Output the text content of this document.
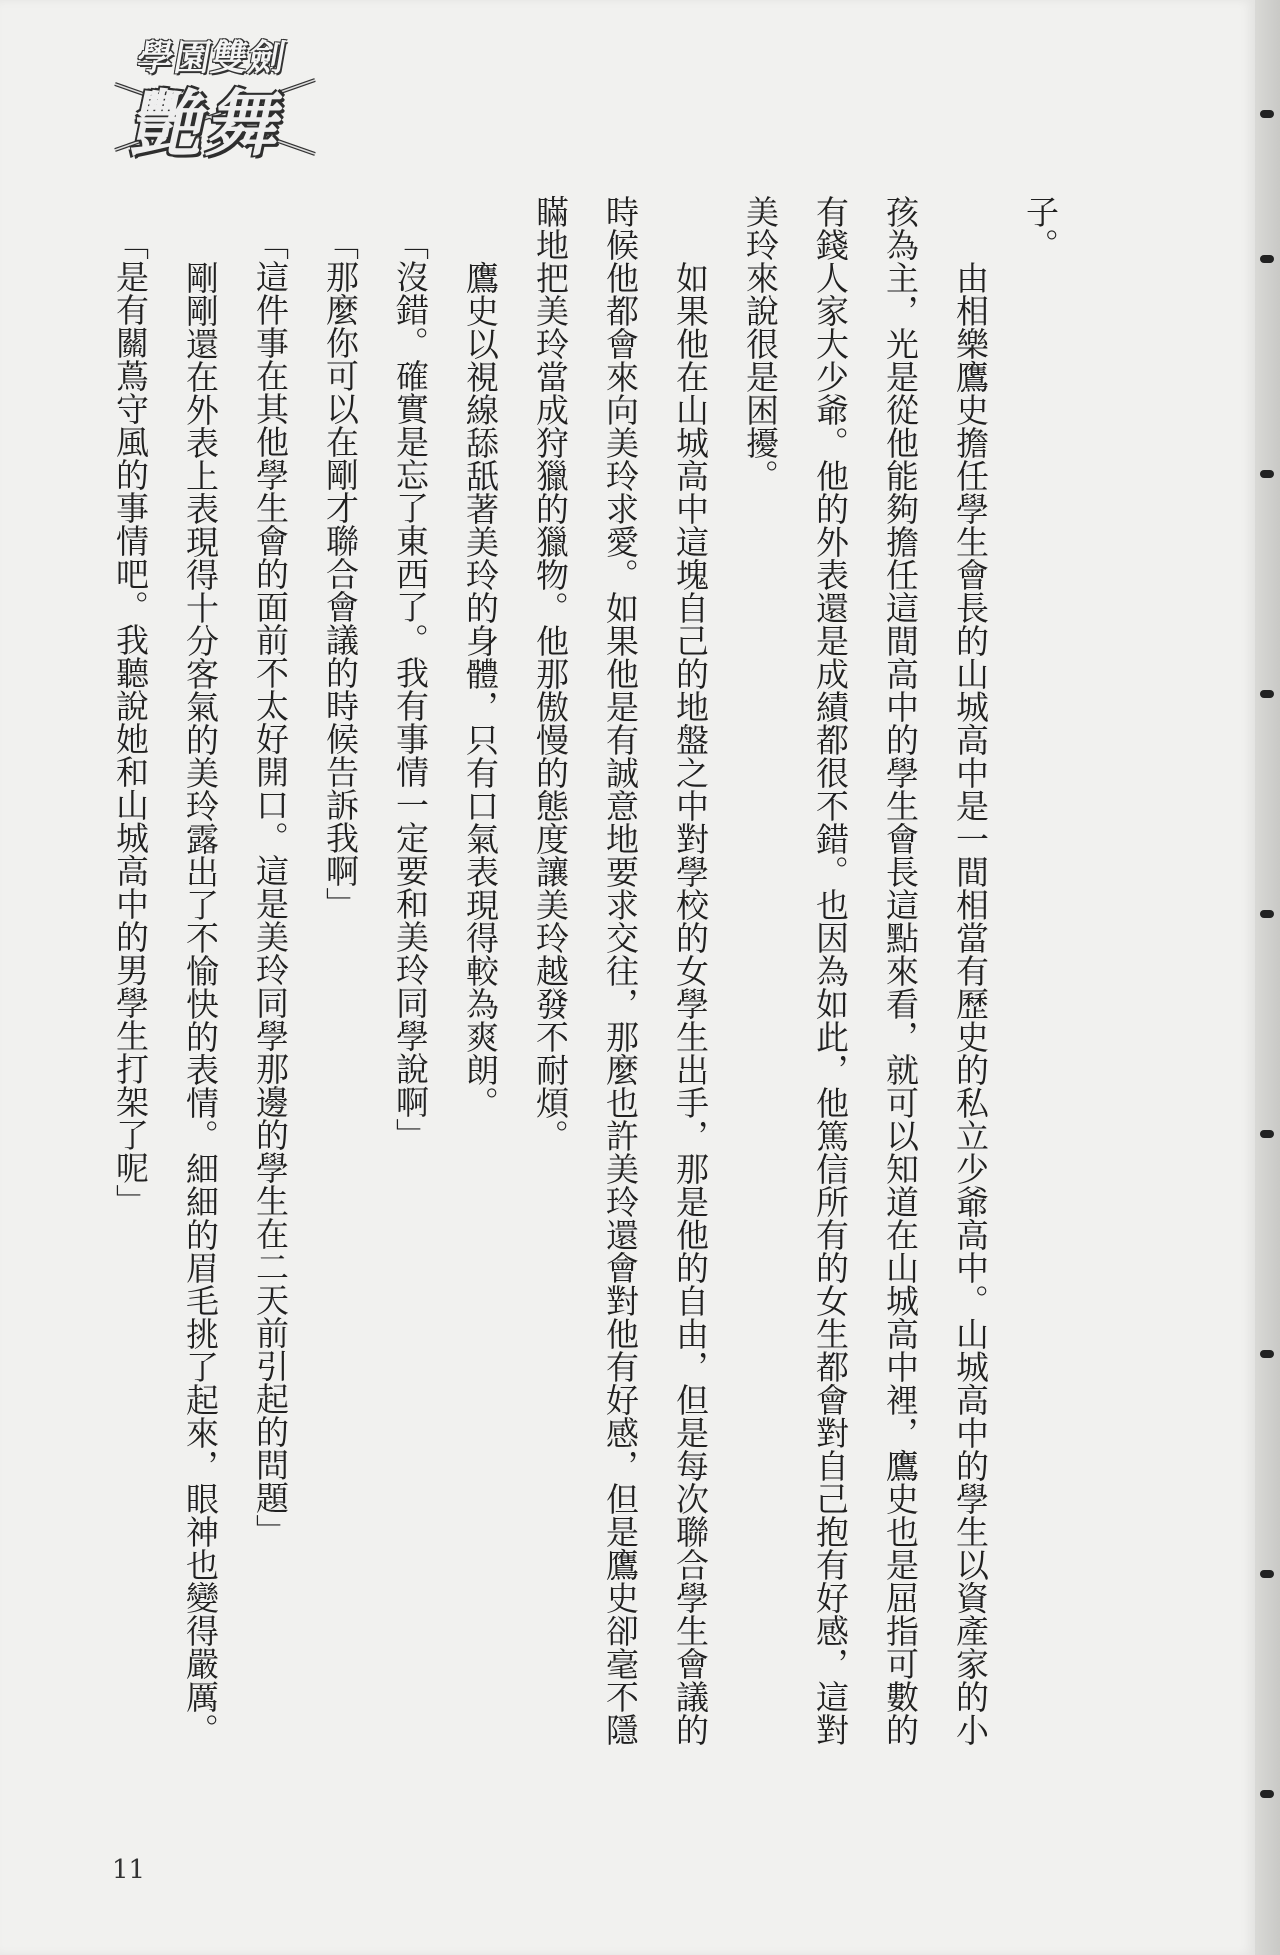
學園雙劍
艷舞

子。

由相樂鷹史擔任學生會長的山城高中是一間相當有歷史的私立少爺高中。山城高中的學生以資產家的小孩為主，光是從他能夠擔任這間高中的學生會長這點來看，就可以知道在山城高中裡，鷹史也是屈指可數的有錢人家大少爺。他的外表還是成績都很不錯。也因為如此，他篤信所有的女生都會對自己抱有好感，這對美玲來說很是困擾。

如果他在山城高中這塊自己的地盤之中對學校的女學生出手，那是他的自由，但是每次聯合學生會議的時候他都會來向美玲求愛。如果他是有誠意地要求交往，那麼也許美玲還會對他有好感，但是鷹史卻毫不隱瞞地把美玲當成狩獵的獵物。他那傲慢的態度讓美玲越發不耐煩。

鷹史以視線舔舐著美玲的身體，只有口氣表現得較為爽朗。

「沒錯。確實是忘了東西了。我有事情一定要和美玲同學說啊」

「那麼你可以在剛才聯合會議的時候告訴我啊」

「這件事在其他學生會的面前不太好開口。這是美玲同學那邊的學生在二天前引起的問題」

剛剛還在外表上表現得十分客氣的美玲露出了不愉快的表情。細細的眉毛挑了起來，眼神也變得嚴厲。

「是有關蔦守風的事情吧。我聽說她和山城高中的男學生打架了呢」

11
